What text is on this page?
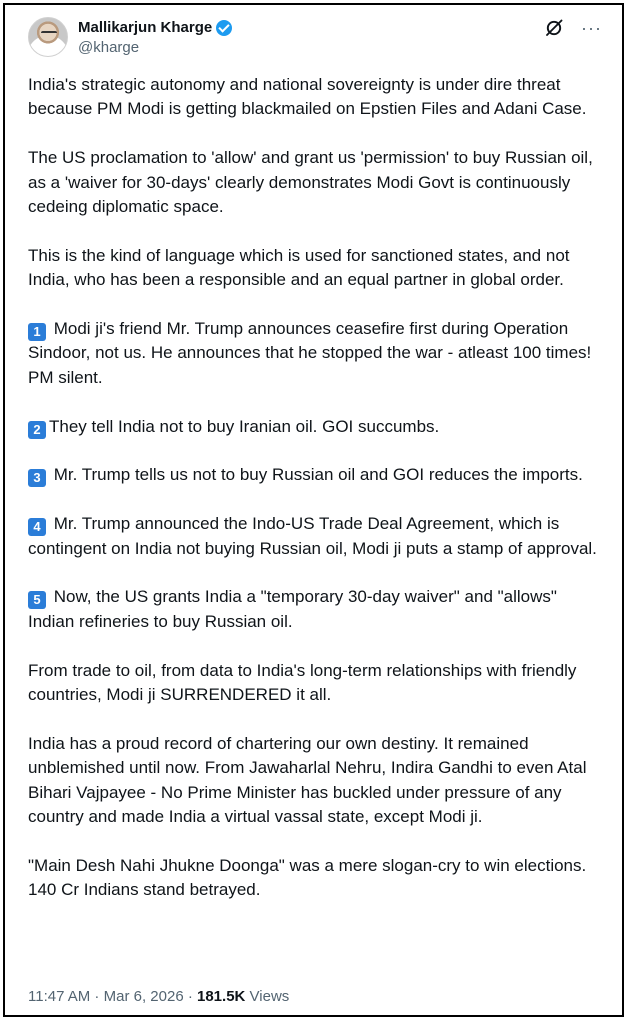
Mallikarjun Kharge
@kharge
···

India's strategic autonomy and national sovereignty is under dire threat because PM Modi is getting blackmailed on Epstien Files and Adani Case.

The US proclamation to 'allow' and grant us 'permission' to buy Russian oil, as a 'waiver for 30-days' clearly demonstrates Modi Govt is continuously cedeing diplomatic space.

This is the kind of language which is used for sanctioned states, and not India, who has been a responsible and an equal partner in global order.

1 Modi ji's friend Mr. Trump announces ceasefire first during Operation Sindoor, not us. He announces that he stopped the war - atleast 100 times! PM silent.

2 They tell India not to buy Iranian oil. GOI succumbs.

3 Mr. Trump tells us not to buy Russian oil and GOI reduces the imports.

4 Mr. Trump announced the Indo-US Trade Deal Agreement, which is contingent on India not buying Russian oil, Modi ji puts a stamp of approval.

5 Now, the US grants India a "temporary 30-day waiver" and "allows" Indian refineries to buy Russian oil.

From trade to oil, from data to India's long-term relationships with friendly countries, Modi ji SURRENDERED it all.

India has a proud record of chartering our own destiny. It remained unblemished until now. From Jawaharlal Nehru, Indira Gandhi to even Atal Bihari Vajpayee - No Prime Minister has buckled under pressure of any country and made India a virtual vassal state, except Modi ji.

"Main Desh Nahi Jhukne Doonga" was a mere slogan-cry to win elections. 140 Cr Indians stand betrayed.

11:47 AM · Mar 6, 2026 · 181.5K Views
